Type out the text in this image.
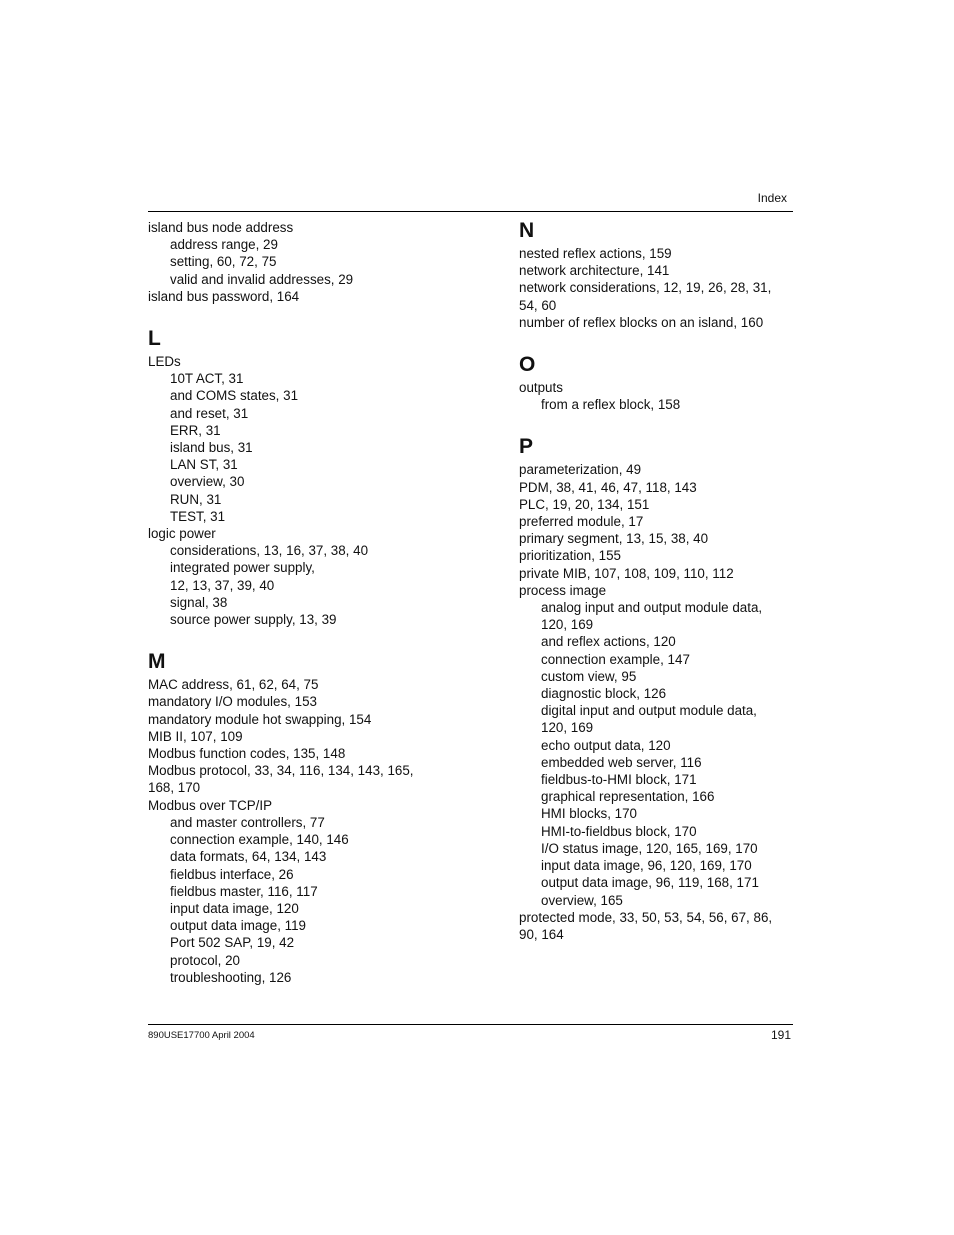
Index
island bus node address
address range, 29
setting, 60, 72, 75
valid and invalid addresses, 29
island bus password, 164
L
LEDs
10T ACT, 31
and COMS states, 31
and reset, 31
ERR, 31
island bus, 31
LAN ST, 31
overview, 30
RUN, 31
TEST, 31
logic power
considerations, 13, 16, 37, 38, 40
integrated power supply,
12, 13, 37, 39, 40
signal, 38
source power supply, 13, 39
M
MAC address, 61, 62, 64, 75
mandatory I/O modules, 153
mandatory module hot swapping, 154
MIB II, 107, 109
Modbus function codes, 135, 148
Modbus protocol, 33, 34, 116, 134, 143, 165,
168, 170
Modbus over TCP/IP
and master controllers, 77
connection example, 140, 146
data formats, 64, 134, 143
fieldbus interface, 26
fieldbus master, 116, 117
input data image, 120
output data image, 119
Port 502 SAP, 19, 42
protocol, 20
troubleshooting, 126
N
nested reflex actions, 159
network architecture, 141
network considerations, 12, 19, 26, 28, 31,
54, 60
number of reflex blocks on an island, 160
O
outputs
from a reflex block, 158
P
parameterization, 49
PDM, 38, 41, 46, 47, 118, 143
PLC, 19, 20, 134, 151
preferred module, 17
primary segment, 13, 15, 38, 40
prioritization, 155
private MIB, 107, 108, 109, 110, 112
process image
analog input and output module data,
120, 169
and reflex actions, 120
connection example, 147
custom view, 95
diagnostic block, 126
digital input and output module data,
120, 169
echo output data, 120
embedded web server, 116
fieldbus-to-HMI block, 171
graphical representation, 166
HMI blocks, 170
HMI-to-fieldbus block, 170
I/O status image, 120, 165, 169, 170
input data image, 96, 120, 169, 170
output data image, 96, 119, 168, 171
overview, 165
protected mode, 33, 50, 53, 54, 56, 67, 86,
90, 164
890USE17700 April 2004	191
